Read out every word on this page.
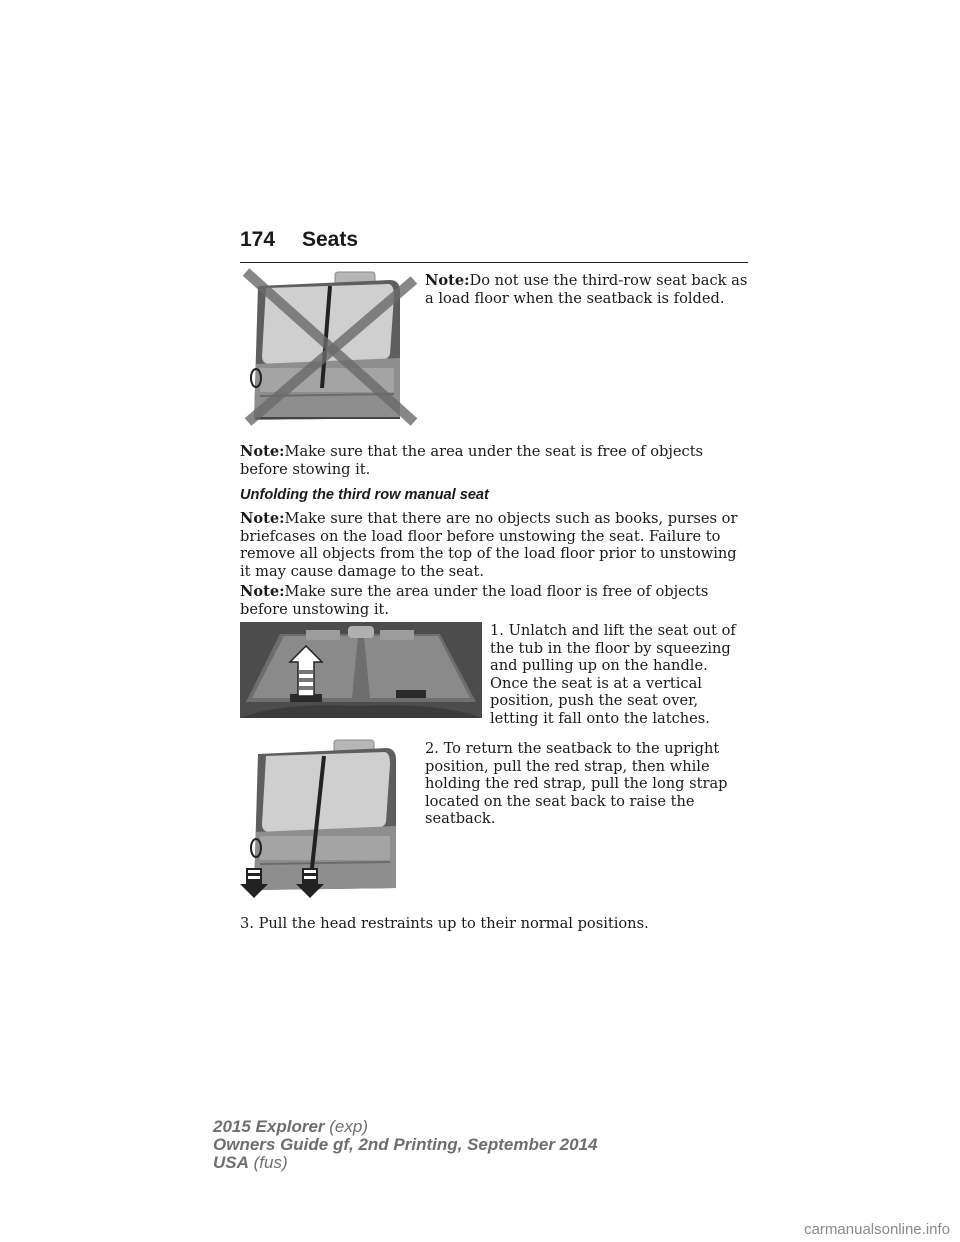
174 Seats

Note:Do not use the third-row seat back as a load floor when the seatback is folded.

Note:Make sure that the area under the seat is free of objects before stowing it.

Unfolding the third row manual seat

Note:Make sure that there are no objects such as books, purses or briefcases on the load floor before unstowing the seat. Failure to remove all objects from the top of the load floor prior to unstowing it may cause damage to the seat.

Note:Make sure the area under the load floor is free of objects before unstowing it.

1. Unlatch and lift the seat out of the tub in the floor by squeezing and pulling up on the handle. Once the seat is at a vertical position, push the seat over, letting it fall onto the latches.

2. To return the seatback to the upright position, pull the red strap, then while holding the red strap, pull the long strap located on the seat back to raise the seatback.

3. Pull the head restraints up to their normal positions.

2015 Explorer (exp)
Owners Guide gf, 2nd Printing, September 2014
USA (fus)
carmanualsonline.info
